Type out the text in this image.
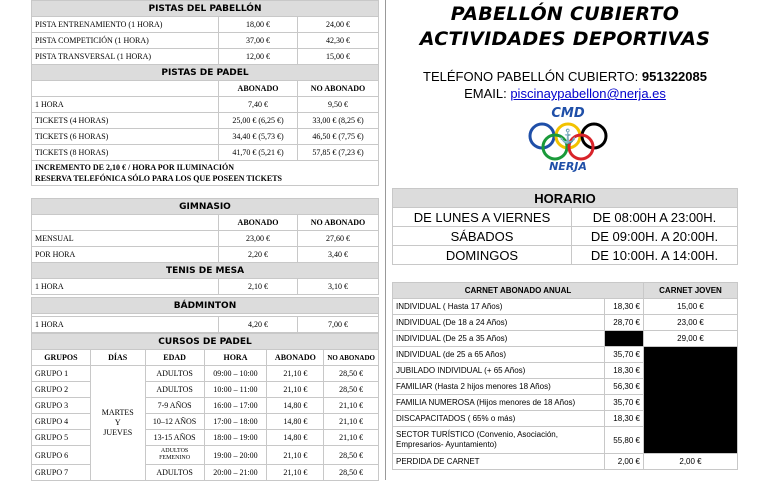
PISTAS DEL PABELLÓN		
PISTA ENTRENAMIENTO (1 HORA)	18,00 €	24,00 €
PISTA COMPETICIÓN (1 HORA)	37,00 €	42,30 €
PISTA TRANSVERSAL (1 HORA)	12,00 €	15,00 €
PISTAS DE PADEL		
	ABONADO	NO ABONADO
1 HORA	7,40 €	9,50 €
TICKETS (4 HORAS)	25,00 € (6,25 €)	33,00 € (8,25 €)
TICKETS (6 HORAS)	34,40 € (5,73 €)	46,50 € (7,75 €)
TICKETS (8 HORAS)	41,70 € (5,21 €)	57,85 € (7,23 €)

INCREMENTO DE 2,10 € / HORA POR ILUMINACIÓN
RESERVA TELEFÓNICA SÓLO PARA LOS QUE POSEEN TICKETS		
GIMNASIO		
	ABONADO	NO ABONADO
MENSUAL	23,00 €	27,60 €
POR HORA	2,20 €	3,40 €
TENIS DE MESA		
1 HORA	2,10 €	3,10 €

BÁDMINTON		

1 HORA	4,20 €	7,00 €
CURSOS DE PADEL					
GRUPOS	DÍAS	EDAD	HORA	ABONADO	NO ABONADO
GRUPO 1	MARTES
Y
JUEVES	ADULTOS	09:00 – 10:00	21,10 €	28,50 €
GRUPO 2		ADULTOS	10:00 – 11:00	21,10 €	28,50 €
GRUPO 3		7-9 AÑOS	16:00 – 17:00	14,80 €	21,10 €
GRUPO 4		10–12 AÑOS	17:00 – 18:00	14,80 €	21,10 €
GRUPO 5		13-15 AÑOS	18:00 – 19:00	14,80 €	21,10 €
GRUPO 6		ADULTOS
FEMENINO	19:00 – 20:00	21,10 €	28,50 €
GRUPO 7		ADULTOS	20:00 – 21:00	21,10 €	28,50 €
PABELLÓN CUBIERTO
ACTIVIDADES DEPORTIVAS
TELÉFONO PABELLÓN CUBIERTO: 951322085
EMAIL: piscinaypabellon@nerja.es
CMD
⚓
NERJA
HORARIO	
DE LUNES A VIERNES	DE 08:00H A 23:00H.
SÁBADOS	DE 09:00H. A 20:00H.
DOMINGOS	DE 10:00H. A 14:00H.
CARNET ABONADO ANUAL		CARNET JOVEN
INDIVIDUAL ( Hasta 17 Años)	18,30 €	15,00 €
INDIVIDUAL (De 18 a 24 Años)	28,70 €	23,00 €
INDIVIDUAL (De 25 a 35 Años)		29,00 €
INDIVIDUAL (de 25 a 65 Años)	35,70 €	
JUBILADO INDIVIDUAL (+ 65 Años)	18,30 €	
FAMILIAR (Hasta 2 hijos menores 18 Años)	56,30 €	
FAMILIA NUMEROSA (Hijos menores de 18 Años)	35,70 €	
DISCAPACITADOS ( 65% o más)	18,30 €	

SECTOR TURÍSTICO (Convenio, Asociación,
Empresarios- Ayuntamiento)	55,80 €	
PERDIDA DE CARNET	2,00 €	2,00 €
